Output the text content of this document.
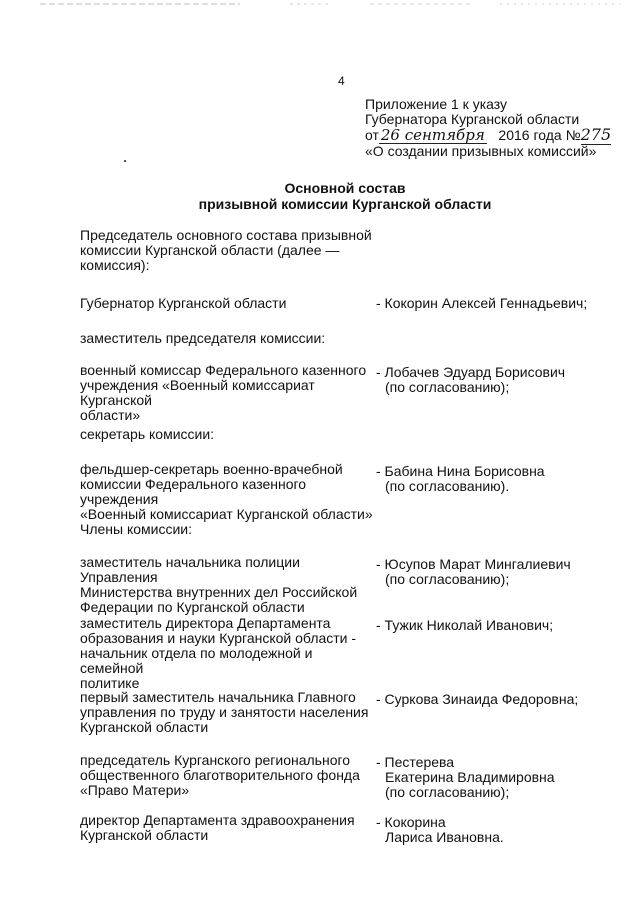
4
Приложение 1 к указу
Губернатора Курганской области
от 26 сентября 2016 года №275
«О создании призывных комиссий»
Основной состав
призывной комиссии Курганской области
Председатель основного состава призывной
комиссии Курганской области (далее —
комиссия):
Губернатор Курганской области	- Кокорин Алексей Геннадьевич;
заместитель председателя комиссии:
военный комиссар Федерального казенного
учреждения «Военный комиссариат Курганской
области»
- Лобачев Эдуард Борисович
(по согласованию);
секретарь комиссии:
фельдшер-секретарь военно-врачебной
комиссии Федерального казенного учреждения
«Военный комиссариат Курганской области»
- Бабина Нина Борисовна
(по согласованию).
Члены комиссии:
заместитель начальника полиции Управления
Министерства внутренних дел Российской
Федерации по Курганской области
- Юсупов Марат Мингалиевич
(по согласованию);
заместитель директора Департамента
образования и науки Курганской области -
начальник отдела по молодежной и семейной
политике
- Тужик Николай Иванович;
первый заместитель начальника Главного
управления по труду и занятости населения
Курганской области
- Суркова Зинаида Федоровна;
председатель Курганского регионального
общественного благотворительного фонда
«Право Матери»
- Пестерева
Екатерина Владимировна
(по согласованию);
директор Департамента здравоохранения
Курганской области
- Кокорина
Лариса Ивановна.
